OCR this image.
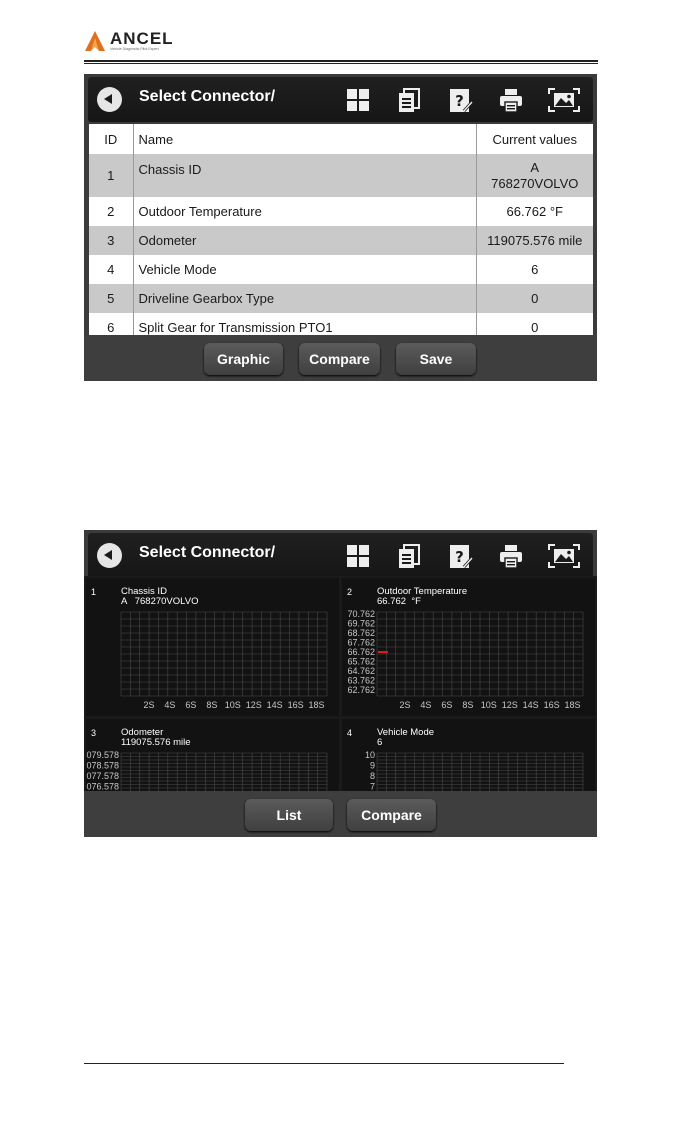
ANCEL
Vehicle Diagnostic Pilot Expert
Select Connector/	?
ID	Name	Current values
1	Chassis ID	A
768270VOLVO

2	Outdoor Temperature	66.762 °F
3	Odometer	119075.576 mile
4	Vehicle Mode	6
5	Driveline Gearbox Type	0
6	Split Gear for Transmission PTO1	0
Graphic	Compare	Save
Select Connector/	?
2S 4S 6S 8S 10S 12S 14S 16S 18S
1	Chassis ID
A   768270VOLVO
70.762
69.762
68.762
67.762
66.762
65.762
64.762
63.762
62.762
2S 4S 6S 8S 10S 12S 14S 16S 18S
2	Outdoor Temperature
66.762  °F
079.578
078.578
077.578
076.578
3	Odometer
119075.576 mile
10
9
8
7
4	Vehicle Mode
6
List	Compare
